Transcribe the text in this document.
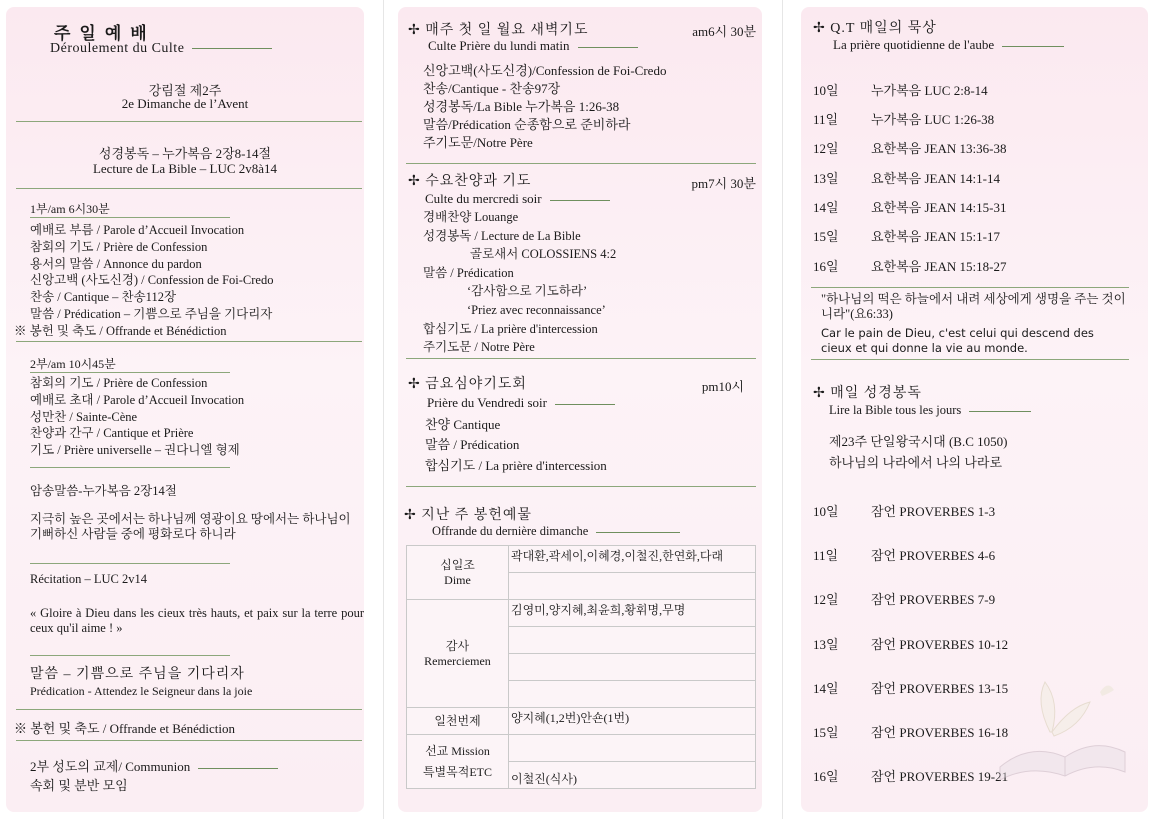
주일예배
Déroulement du Culte
강림절 제2주
2e Dimanche de l’Avent
성경봉독 – 누가복음 2장8-14절
Lecture de La Bible – LUC 2v8à14
1부/am 6시30분
예배로 부름 / Parole d’Accueil Invocation
참회의 기도 / Prière de Confession
용서의 말씀 / Annonce du pardon
신앙고백 (사도신경) / Confession de Foi-Credo
찬송 / Cantique – 찬송112장
말씀 / Prédication – 기쁨으로 주님을 기다리자
※ 봉헌 및 축도 / Offrande et Bénédiction
2부/am 10시45분
참회의 기도 / Prière de Confession
예배로 초대 / Parole d’Accueil Invocation
성만찬 / Sainte-Cène
찬양과 간구 / Cantique et Prière
기도 / Prière universelle – 권다니엘 형제
암송말씀-누가복음 2장14절
지극히 높은 곳에서는 하나님께 영광이요 땅에서는 하나님이 기뻐하신 사람들 중에 평화로다 하니라
Récitation – LUC 2v14
« Gloire à Dieu dans les cieux très hauts, et paix sur la terre pour ceux qu'il aime ! »
말씀 – 기쁨으로 주님을 기다리자
Prédication - Attendez le Seigneur dans la joie
※ 봉헌 및 축도 / Offrande et Bénédiction
2부 성도의 교제/ Communion
속회 및 분반 모임
✢ 매주 첫 일 월요 새벽기도	am6시 30분
Culte Prière du lundi matin
신앙고백(사도신경)/Confession de Foi-Credo
찬송/Cantique - 찬송97장
성경봉독/La Bible 누가복음 1:26-38
말씀/Prédication 순종함으로 준비하라
주기도문/Notre Père
✢ 수요찬양과 기도	pm7시 30분
Culte du mercredi soir
경배찬양 Louange
성경봉독 / Lecture de La Bible
골로새서 COLOSSIENS 4:2
말씀 / Prédication
‘감사함으로 기도하라’
‘Priez avec reconnaissance’
합심기도 / La prière d'intercession
주기도문 / Notre Père
✢ 금요심야기도회	pm10시
Prière du Vendredi soir
찬양 Cantique
말씀 / Prédication
합심기도 / La prière d'intercession
✢ 지난 주 봉헌예물
Offrande du dernière dimanche
십일조
Dime	곽대환,곽세이,이혜경,이철진,한연화,다래

감사
Remerciemen	김영미,양지혜,최윤희,황휘명,무명

일천번제	양지혜(1,2번)안숀(1번)

선교 Mission
특별목적ETC	

	이철진(식사)
✢ Q.T 매일의 묵상
La prière quotidienne de l'aube
10일 누가복음 LUC 2:8-14
11일	누가복음 LUC 1:26-38
12일 요한복음 JEAN 13:36-38
13일 요한복음 JEAN 14:1-14
14일 요한복음 JEAN 14:15-31
15일 요한복음 JEAN 15:1-17
16일 요한복음 JEAN 15:18-27
"하나님의 떡은 하늘에서 내려 세상에게 생명을 주는 것이니라"(요6:33)
Car le pain de Dieu, c'est celui qui descend des cieux et qui donne la vie au monde.
✢ 매일 성경봉독
Lire la Bible tous les jours
제23주 단일왕국시대 (B.C 1050)
하나님의 나라에서 나의 나라로
10일 잠언 PROVERBES 1-3
11일	잠언 PROVERBES 4-6
12일 잠언 PROVERBES 7-9
13일 잠언 PROVERBES 10-12
14일 잠언 PROVERBES 13-15
15일 잠언 PROVERBES 16-18
16일 잠언 PROVERBES 19-21
